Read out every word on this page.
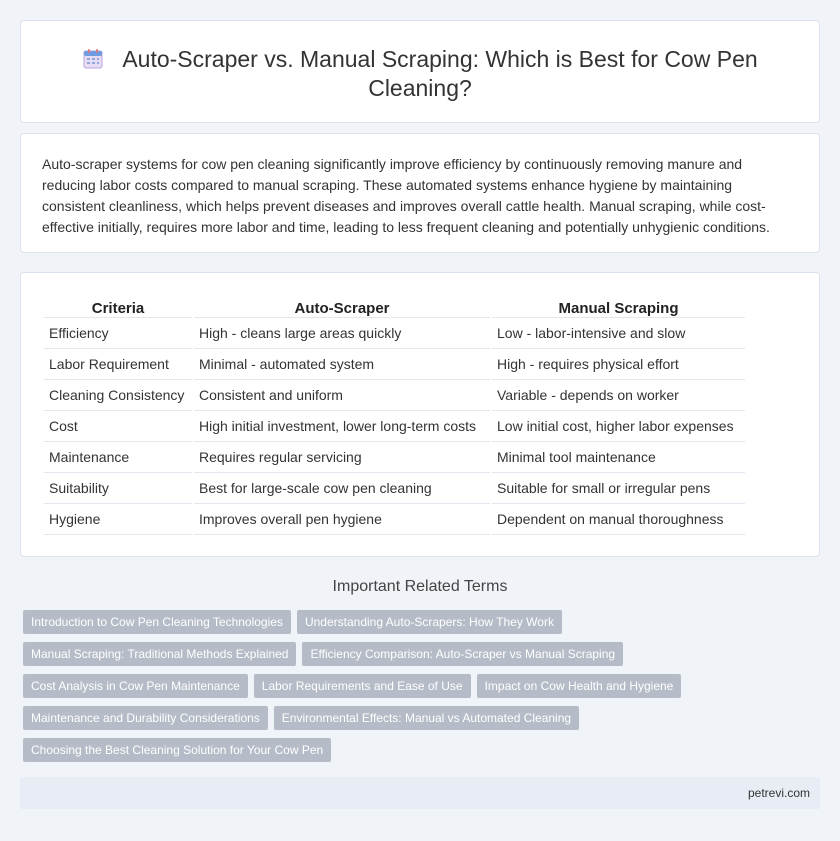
Auto-Scraper vs. Manual Scraping: Which is Best for Cow Pen Cleaning?

Auto-scraper systems for cow pen cleaning significantly improve efficiency by continuously removing manure and reducing labor costs compared to manual scraping. These automated systems enhance hygiene by maintaining consistent cleanliness, which helps prevent diseases and improves overall cattle health. Manual scraping, while cost-effective initially, requires more labor and time, leading to less frequent cleaning and potentially unhygienic conditions.

Criteria	Auto-Scraper	Manual Scraping
Efficiency	High - cleans large areas quickly	Low - labor-intensive and slow
Labor Requirement	Minimal - automated system	High - requires physical effort
Cleaning Consistency	Consistent and uniform	Variable - depends on worker
Cost	High initial investment, lower long-term costs	Low initial cost, higher labor expenses
Maintenance	Requires regular servicing	Minimal tool maintenance
Suitability	Best for large-scale cow pen cleaning	Suitable for small or irregular pens
Hygiene	Improves overall pen hygiene	Dependent on manual thoroughness
Important Related Terms
Introduction to Cow Pen Cleaning Technologies	Understanding Auto-Scrapers: How They Work
Manual Scraping: Traditional Methods Explained	Efficiency Comparison: Auto-Scraper vs Manual Scraping
Cost Analysis in Cow Pen Maintenance	Labor Requirements and Ease of Use	Impact on Cow Health and Hygiene
Maintenance and Durability Considerations	Environmental Effects: Manual vs Automated Cleaning
Choosing the Best Cleaning Solution for Your Cow Pen
petrevi.com
